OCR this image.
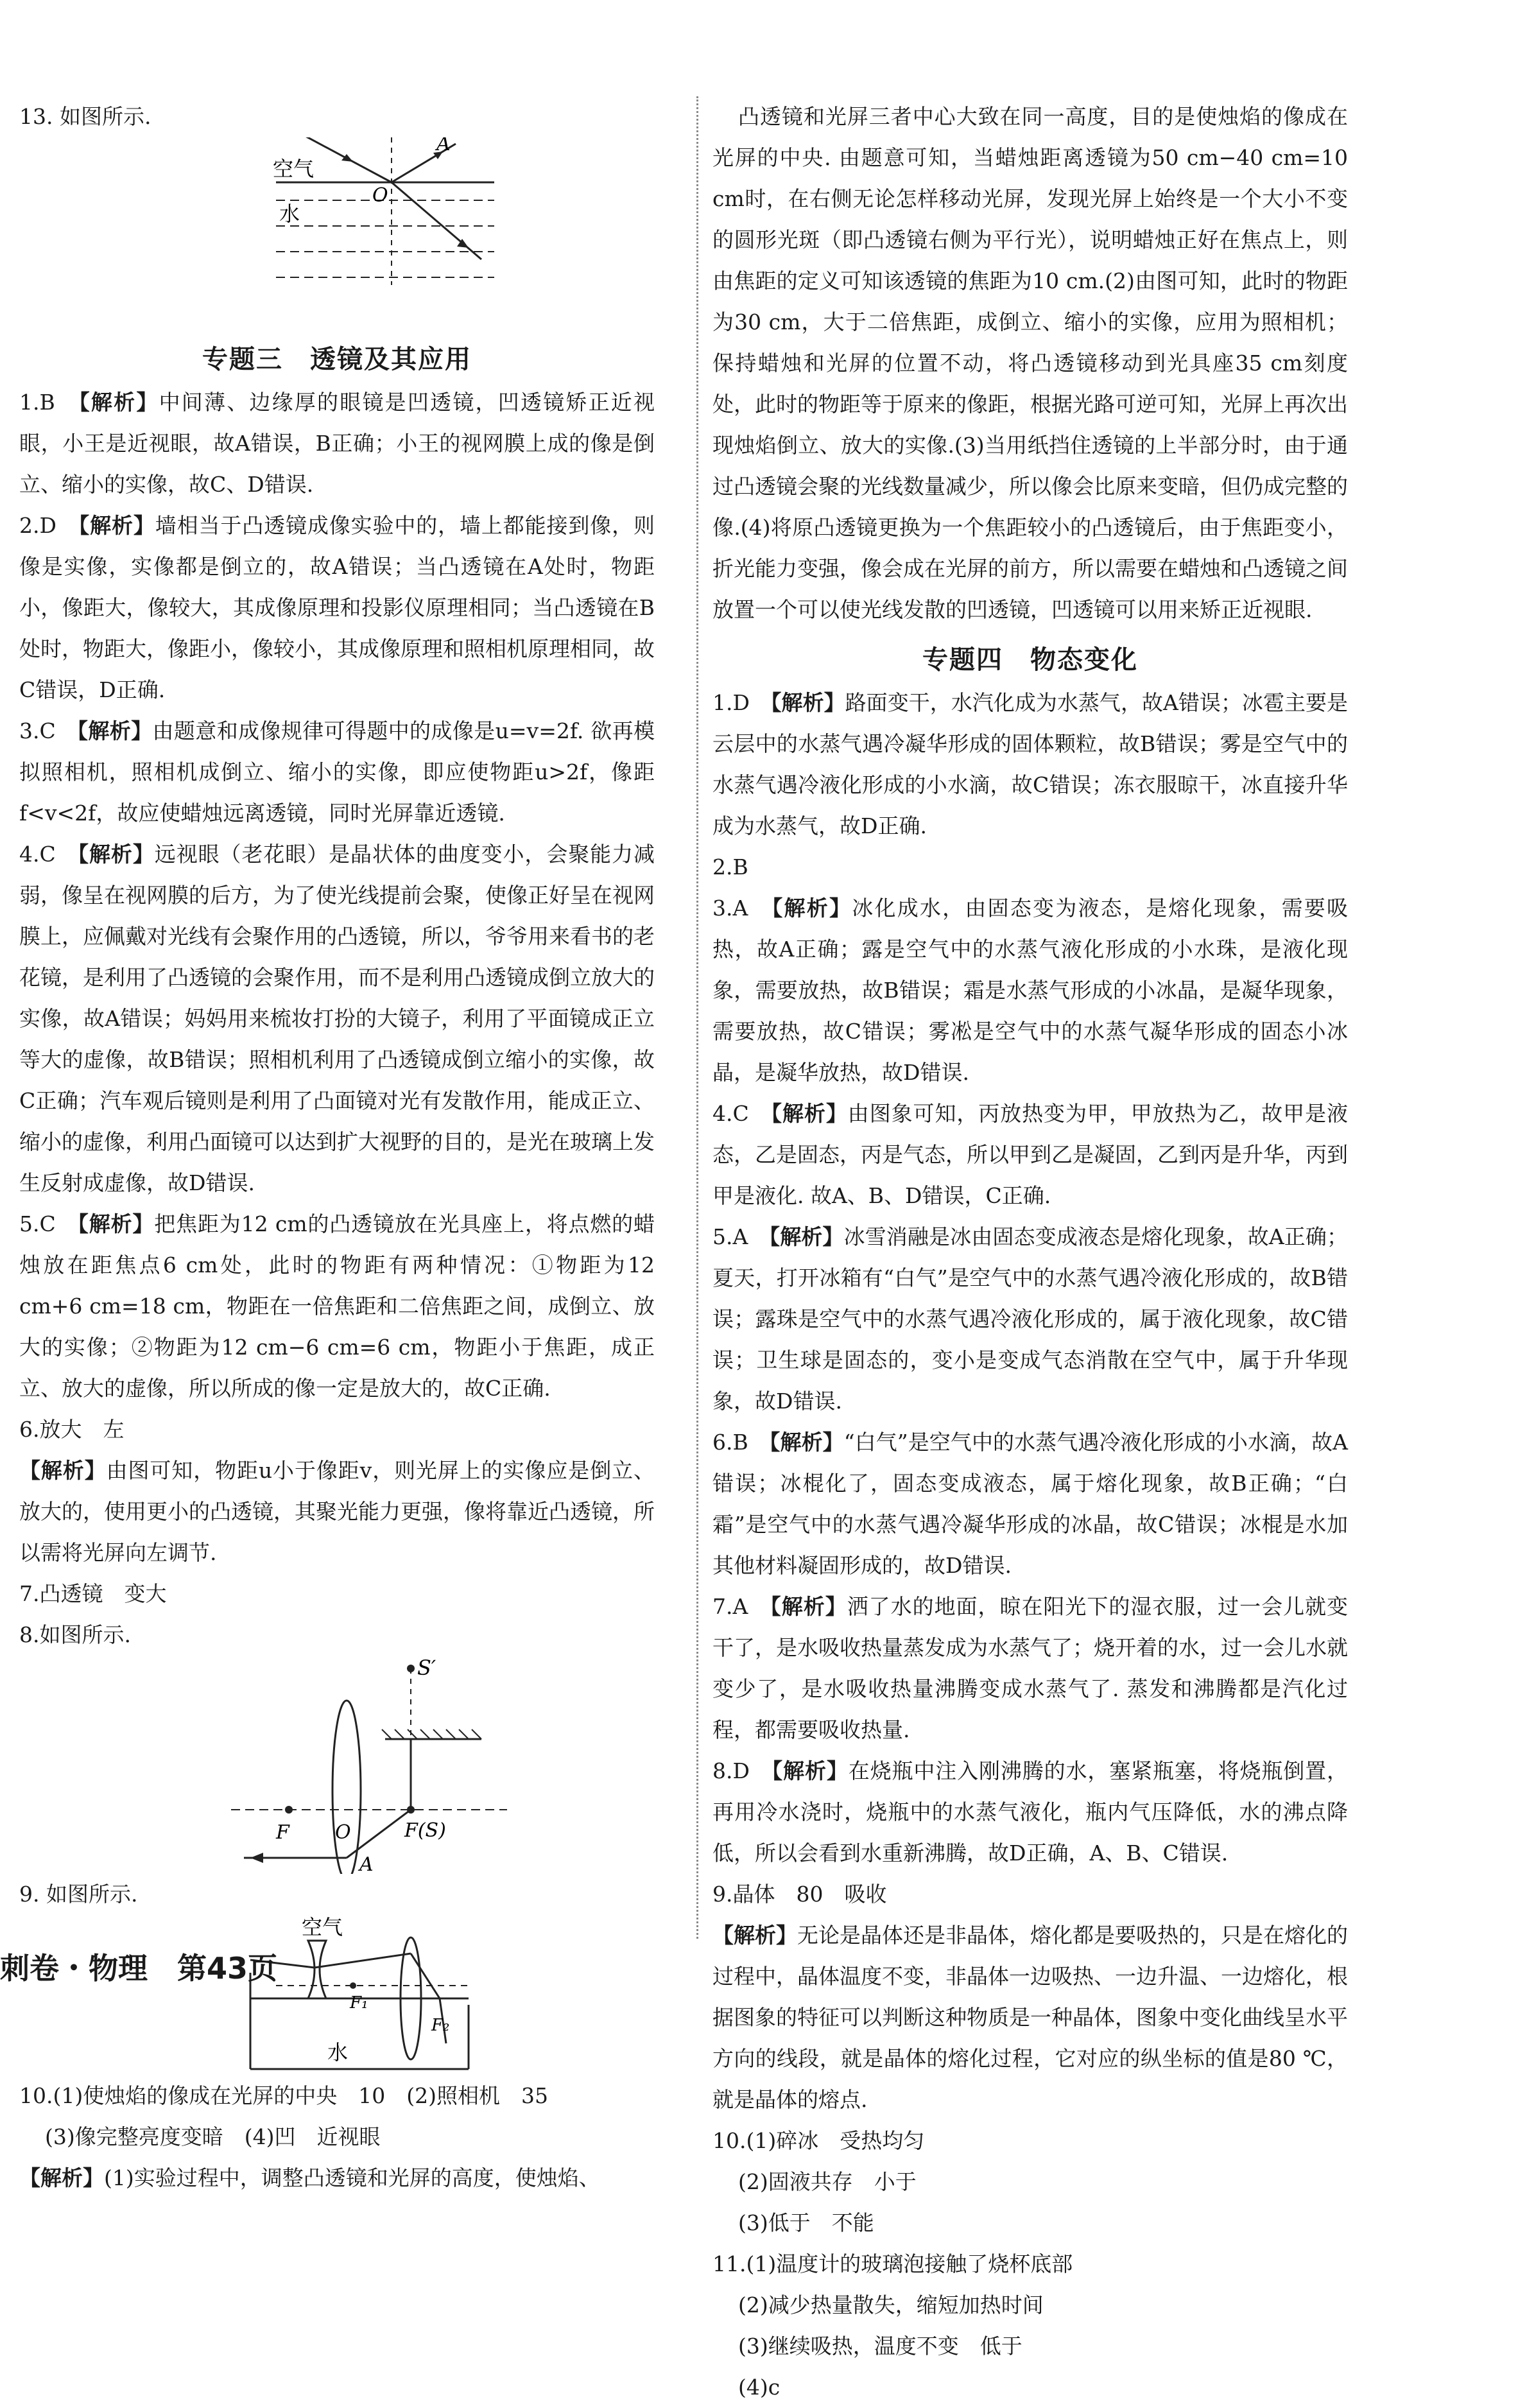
13. 如图所示.

空气
水
O
A
专题三　透镜及其应用

1.B　 【解析】中间薄、边缘厚的眼镜是凹透镜，凹透镜矫正近视眼，小王是近视眼，故A错误，B正确；小王的视网膜上成的像是倒立、缩小的实像，故C、D错误.

2.D　 【解析】墙相当于凸透镜成像实验中的，墙上都能接到像，则像是实像，实像都是倒立的，故A错误；当凸透镜在A处时，物距小，像距大，像较大，其成像原理和投影仪原理相同；当凸透镜在B处时，物距大，像距小，像较小，其成像原理和照相机原理相同，故C错误，D正确.

3.C　 【解析】由题意和成像规律可得题中的成像是u=v=2f. 欲再模拟照相机，照相机成倒立、缩小的实像，即应使物距u>2f，像距f<v<2f，故应使蜡烛远离透镜，同时光屏靠近透镜.

4.C　 【解析】远视眼（老花眼）是晶状体的曲度变小，会聚能力减弱，像呈在视网膜的后方，为了使光线提前会聚，使像正好呈在视网膜上，应佩戴对光线有会聚作用的凸透镜，所以，爷爷用来看书的老花镜，是利用了凸透镜的会聚作用，而不是利用凸透镜成倒立放大的实像，故A错误；妈妈用来梳妆打扮的大镜子，利用了平面镜成正立等大的虚像，故B错误；照相机利用了凸透镜成倒立缩小的实像，故C正确；汽车观后镜则是利用了凸面镜对光有发散作用，能成正立、缩小的虚像，利用凸面镜可以达到扩大视野的目的，是光在玻璃上发生反射成虚像，故D错误.

5.C　 【解析】把焦距为12 cm的凸透镜放在光具座上，将点燃的蜡烛放在距焦点6 cm处，此时的物距有两种情况：①物距为12 cm+6 cm=18 cm，物距在一倍焦距和二倍焦距之间，成倒立、放大的实像；②物距为12 cm−6 cm=6 cm，物距小于焦距，成正立、放大的虚像，所以所成的像一定是放大的，故C正确.

6.放大　左

【解析】由图可知，物距u小于像距v，则光屏上的实像应是倒立、放大的，使用更小的凸透镜，其聚光能力更强，像将靠近凸透镜，所以需将光屏向左调节.

7.凸透镜　变大

8.如图所示.

S′
F O	F(S)
A

9. 如图所示.

空气
F₁
F₂
水

10.(1)使烛焰的像成在光屏的中央　10　(2)照相机　35

(3)像完整亮度变暗　(4)凹　近视眼

【解析】(1)实验过程中，调整凸透镜和光屏的高度，使烛焰、

凸透镜和光屏三者中心大致在同一高度，目的是使烛焰的像成在光屏的中央. 由题意可知，当蜡烛距离透镜为50 cm−40 cm=10 cm时，在右侧无论怎样移动光屏，发现光屏上始终是一个大小不变的圆形光斑（即凸透镜右侧为平行光），说明蜡烛正好在焦点上，则由焦距的定义可知该透镜的焦距为10 cm.(2)由图可知，此时的物距为30 cm，大于二倍焦距，成倒立、缩小的实像，应用为照相机；保持蜡烛和光屏的位置不动，将凸透镜移动到光具座35 cm刻度处，此时的物距等于原来的像距，根据光路可逆可知，光屏上再次出现烛焰倒立、放大的实像.(3)当用纸挡住透镜的上半部分时，由于通过凸透镜会聚的光线数量减少，所以像会比原来变暗，但仍成完整的像.(4)将原凸透镜更换为一个焦距较小的凸透镜后，由于焦距变小，折光能力变强，像会成在光屏的前方，所以需要在蜡烛和凸透镜之间放置一个可以使光线发散的凹透镜，凹透镜可以用来矫正近视眼.

专题四　物态变化

1.D　 【解析】路面变干，水汽化成为水蒸气，故A错误；冰雹主要是云层中的水蒸气遇冷凝华形成的固体颗粒，故B错误；雾是空气中的水蒸气遇冷液化形成的小水滴，故C错误；冻衣服晾干，冰直接升华成为水蒸气，故D正确.

2.B

3.A　 【解析】冰化成水，由固态变为液态，是熔化现象，需要吸热，故A正确；露是空气中的水蒸气液化形成的小水珠，是液化现象，需要放热，故B错误；霜是水蒸气形成的小冰晶，是凝华现象，需要放热，故C错误；雾凇是空气中的水蒸气凝华形成的固态小冰晶，是凝华放热，故D错误.

4.C　 【解析】由图象可知，丙放热变为甲，甲放热为乙，故甲是液态，乙是固态，丙是气态，所以甲到乙是凝固，乙到丙是升华，丙到甲是液化. 故A、B、D错误，C正确.

5.A　 【解析】冰雪消融是冰由固态变成液态是熔化现象，故A正确；夏天，打开冰箱有“白气”是空气中的水蒸气遇冷液化形成的，故B错误；露珠是空气中的水蒸气遇冷液化形成的，属于液化现象，故C错误；卫生球是固态的，变小是变成气态消散在空气中，属于升华现象，故D错误.

6.B　 【解析】“白气”是空气中的水蒸气遇冷液化形成的小水滴，故A错误；冰棍化了，固态变成液态，属于熔化现象，故B正确；“白霜”是空气中的水蒸气遇冷凝华形成的冰晶，故C错误；冰棍是水加其他材料凝固形成的，故D错误.

7.A　 【解析】洒了水的地面，晾在阳光下的湿衣服，过一会儿就变干了，是水吸收热量蒸发成为水蒸气了；烧开着的水，过一会儿水就变少了，是水吸收热量沸腾变成水蒸气了. 蒸发和沸腾都是汽化过程，都需要吸收热量.

8.D　 【解析】在烧瓶中注入刚沸腾的水，塞紧瓶塞，将烧瓶倒置，再用冷水浇时，烧瓶中的水蒸气液化，瓶内气压降低，水的沸点降低，所以会看到水重新沸腾，故D正确，A、B、C错误.

9.晶体　80　吸收

【解析】无论是晶体还是非晶体，熔化都是要吸热的，只是在熔化的过程中，晶体温度不变，非晶体一边吸热、一边升温、一边熔化，根据图象的特征可以判断这种物质是一种晶体，图象中变化曲线呈水平方向的线段，就是晶体的熔化过程，它对应的纵坐标的值是80 ℃，就是晶体的熔点.

10.(1)碎冰　受热均匀

(2)固液共存　小于

(3)低于　不能

11.(1)温度计的玻璃泡接触了烧杯底部

(2)减少热量散失，缩短加热时间

(3)继续吸热，温度不变　低于

(4)c

刺卷・物理　第43页
